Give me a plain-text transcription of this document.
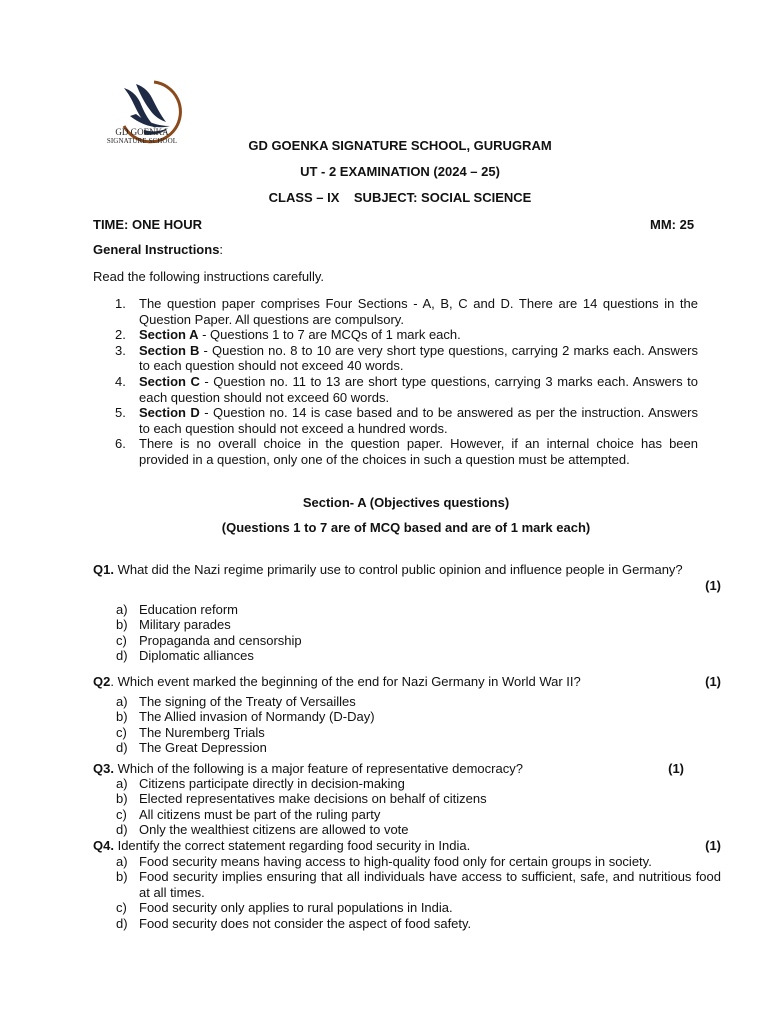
GD GOENKA
SIGNATURE SCHOOL	GD GOENKA SIGNATURE SCHOOL, GURUGRAM
UT - 2 EXAMINATION (2024 – 25)
CLASS – IX    SUBJECT: SOCIAL SCIENCE
TIME: ONE HOUR	MM: 25
General Instructions:
Read the following instructions carefully.
1. The question paper comprises Four Sections - A, B, C and D. There are 14 questions in the Question Paper. All questions are compulsory.
2. Section A - Questions 1 to 7 are MCQs of 1 mark each.
3. Section B - Question no. 8 to 10 are very short type questions, carrying 2 marks each. Answers to each question should not exceed 40 words.
4. Section C - Question no. 11 to 13 are short type questions, carrying 3 marks each. Answers to each question should not exceed 60 words.
5. Section D - Question no. 14 is case based and to be answered as per the instruction. Answers to each question should not exceed a hundred words.
6. There is no overall choice in the question paper. However, if an internal choice has been provided in a question, only one of the choices in such a question must be attempted.
Section- A (Objectives questions)
(Questions 1 to 7 are of MCQ based and are of 1 mark each)
Q1. What did the Nazi regime primarily use to control public opinion and influence people in Germany?
(1)
a) Education reform
b) Military parades
c) Propaganda and censorship
d) Diplomatic alliances
Q2. Which event marked the beginning of the end for Nazi Germany in World War II?	(1)
a) The signing of the Treaty of Versailles
b) The Allied invasion of Normandy (D-Day)
c) The Nuremberg Trials
d) The Great Depression
Q3. Which of the following is a major feature of representative democracy?	(1)
a) Citizens participate directly in decision-making
b) Elected representatives make decisions on behalf of citizens
c) All citizens must be part of the ruling party
d) Only the wealthiest citizens are allowed to vote
Q4. Identify the correct statement regarding food security in India.	(1)
a) Food security means having access to high-quality food only for certain groups in society.
b) Food security implies ensuring that all individuals have access to sufficient, safe, and nutritious food at all times.
c) Food security only applies to rural populations in India.
d) Food security does not consider the aspect of food safety.
